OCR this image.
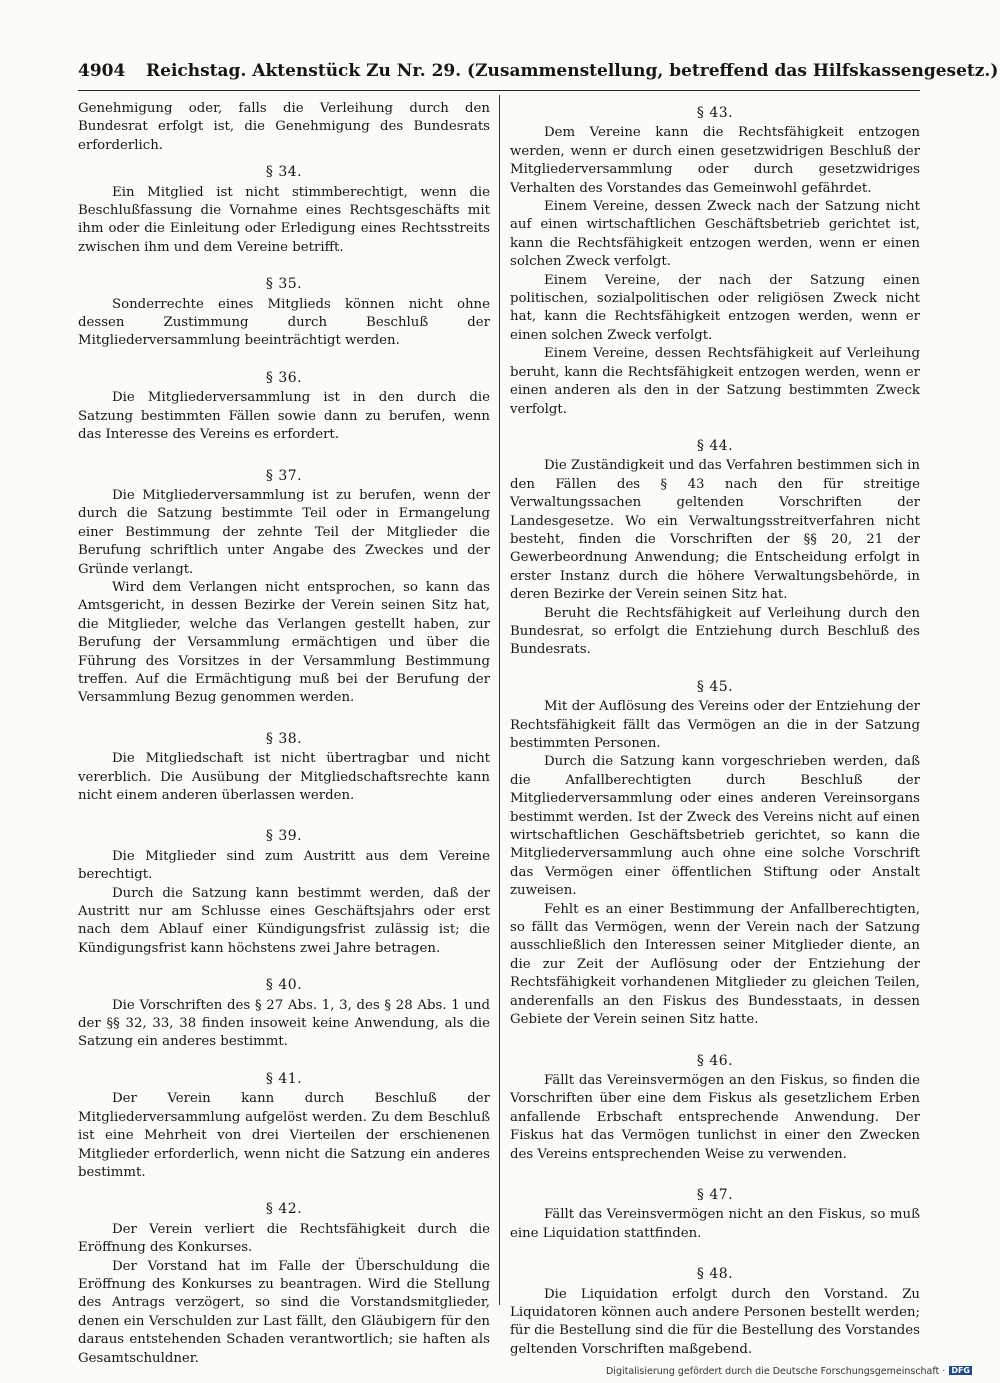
4904 Reichstag. Aktenstück Zu Nr. 29. (Zusammenstellung, betreffend das Hilfskassengesetz.)

Genehmigung oder, falls die Verleihung durch den Bundesrat erfolgt ist, die Genehmigung des Bundesrats erforderlich.

§ 34.

Ein Mitglied ist nicht stimmberechtigt, wenn die Beschlußfassung die Vornahme eines Rechtsgeschäfts mit ihm oder die Einleitung oder Erledigung eines Rechtsstreits zwischen ihm und dem Vereine betrifft.

§ 35.

Sonderrechte eines Mitglieds können nicht ohne dessen Zustimmung durch Beschluß der Mitgliederversammlung beeinträchtigt werden.

§ 36.

Die Mitgliederversammlung ist in den durch die Satzung bestimmten Fällen sowie dann zu berufen, wenn das Interesse des Vereins es erfordert.

§ 37.

Die Mitgliederversammlung ist zu berufen, wenn der durch die Satzung bestimmte Teil oder in Ermangelung einer Bestimmung der zehnte Teil der Mitglieder die Berufung schriftlich unter Angabe des Zweckes und der Gründe verlangt.

Wird dem Verlangen nicht entsprochen, so kann das Amtsgericht, in dessen Bezirke der Verein seinen Sitz hat, die Mitglieder, welche das Verlangen gestellt haben, zur Berufung der Versammlung ermächtigen und über die Führung des Vorsitzes in der Versammlung Bestimmung treffen. Auf die Ermächtigung muß bei der Berufung der Versammlung Bezug genommen werden.

§ 38.

Die Mitgliedschaft ist nicht übertragbar und nicht vererblich. Die Ausübung der Mitgliedschaftsrechte kann nicht einem anderen überlassen werden.

§ 39.

Die Mitglieder sind zum Austritt aus dem Vereine berechtigt.

Durch die Satzung kann bestimmt werden, daß der Austritt nur am Schlusse eines Geschäftsjahrs oder erst nach dem Ablauf einer Kündigungsfrist zulässig ist; die Kündigungsfrist kann höchstens zwei Jahre betragen.

§ 40.

Die Vorschriften des § 27 Abs. 1, 3, des § 28 Abs. 1 und der §§ 32, 33, 38 finden insoweit keine Anwendung, als die Satzung ein anderes bestimmt.

§ 41.

Der Verein kann durch Beschluß der Mitgliederversammlung aufgelöst werden. Zu dem Beschluß ist eine Mehrheit von drei Vierteilen der erschienenen Mitglieder erforderlich, wenn nicht die Satzung ein anderes bestimmt.

§ 42.

Der Verein verliert die Rechtsfähigkeit durch die Eröffnung des Konkurses.

Der Vorstand hat im Falle der Überschuldung die Eröffnung des Konkurses zu beantragen. Wird die Stellung des Antrags verzögert, so sind die Vorstandsmitglieder, denen ein Verschulden zur Last fällt, den Gläubigern für den daraus entstehenden Schaden verantwortlich; sie haften als Gesamtschuldner.

§ 43.

Dem Vereine kann die Rechtsfähigkeit entzogen werden, wenn er durch einen gesetzwidrigen Beschluß der Mitgliederversammlung oder durch gesetzwidriges Verhalten des Vorstandes das Gemeinwohl gefährdet.

Einem Vereine, dessen Zweck nach der Satzung nicht auf einen wirtschaftlichen Geschäftsbetrieb gerichtet ist, kann die Rechtsfähigkeit entzogen werden, wenn er einen solchen Zweck verfolgt.

Einem Vereine, der nach der Satzung einen politischen, sozialpolitischen oder religiösen Zweck nicht hat, kann die Rechtsfähigkeit entzogen werden, wenn er einen solchen Zweck verfolgt.

Einem Vereine, dessen Rechtsfähigkeit auf Verleihung beruht, kann die Rechtsfähigkeit entzogen werden, wenn er einen anderen als den in der Satzung bestimmten Zweck verfolgt.

§ 44.

Die Zuständigkeit und das Verfahren bestimmen sich in den Fällen des § 43 nach den für streitige Verwaltungssachen geltenden Vorschriften der Landesgesetze. Wo ein Verwaltungsstreitverfahren nicht besteht, finden die Vorschriften der §§ 20, 21 der Gewerbeordnung Anwendung; die Entscheidung erfolgt in erster Instanz durch die höhere Verwaltungsbehörde, in deren Bezirke der Verein seinen Sitz hat.

Beruht die Rechtsfähigkeit auf Verleihung durch den Bundesrat, so erfolgt die Entziehung durch Beschluß des Bundesrats.

§ 45.

Mit der Auflösung des Vereins oder der Entziehung der Rechtsfähigkeit fällt das Vermögen an die in der Satzung bestimmten Personen.

Durch die Satzung kann vorgeschrieben werden, daß die Anfallberechtigten durch Beschluß der Mitgliederversammlung oder eines anderen Vereinsorgans bestimmt werden. Ist der Zweck des Vereins nicht auf einen wirtschaftlichen Geschäftsbetrieb gerichtet, so kann die Mitgliederversammlung auch ohne eine solche Vorschrift das Vermögen einer öffentlichen Stiftung oder Anstalt zuweisen.

Fehlt es an einer Bestimmung der Anfallberechtigten, so fällt das Vermögen, wenn der Verein nach der Satzung ausschließlich den Interessen seiner Mitglieder diente, an die zur Zeit der Auflösung oder der Entziehung der Rechtsfähigkeit vorhandenen Mitglieder zu gleichen Teilen, anderenfalls an den Fiskus des Bundesstaats, in dessen Gebiete der Verein seinen Sitz hatte.

§ 46.

Fällt das Vereinsvermögen an den Fiskus, so finden die Vorschriften über eine dem Fiskus als gesetzlichem Erben anfallende Erbschaft entsprechende Anwendung. Der Fiskus hat das Vermögen tunlichst in einer den Zwecken des Vereins entsprechenden Weise zu verwenden.

§ 47.

Fällt das Vereinsvermögen nicht an den Fiskus, so muß eine Liquidation stattfinden.

§ 48.

Die Liquidation erfolgt durch den Vorstand. Zu Liquidatoren können auch andere Personen bestellt werden; für die Bestellung sind die für die Bestellung des Vorstandes geltenden Vorschriften maßgebend.

Digitalisierung gefördert durch die Deutsche Forschungsgemeinschaft · DFG
